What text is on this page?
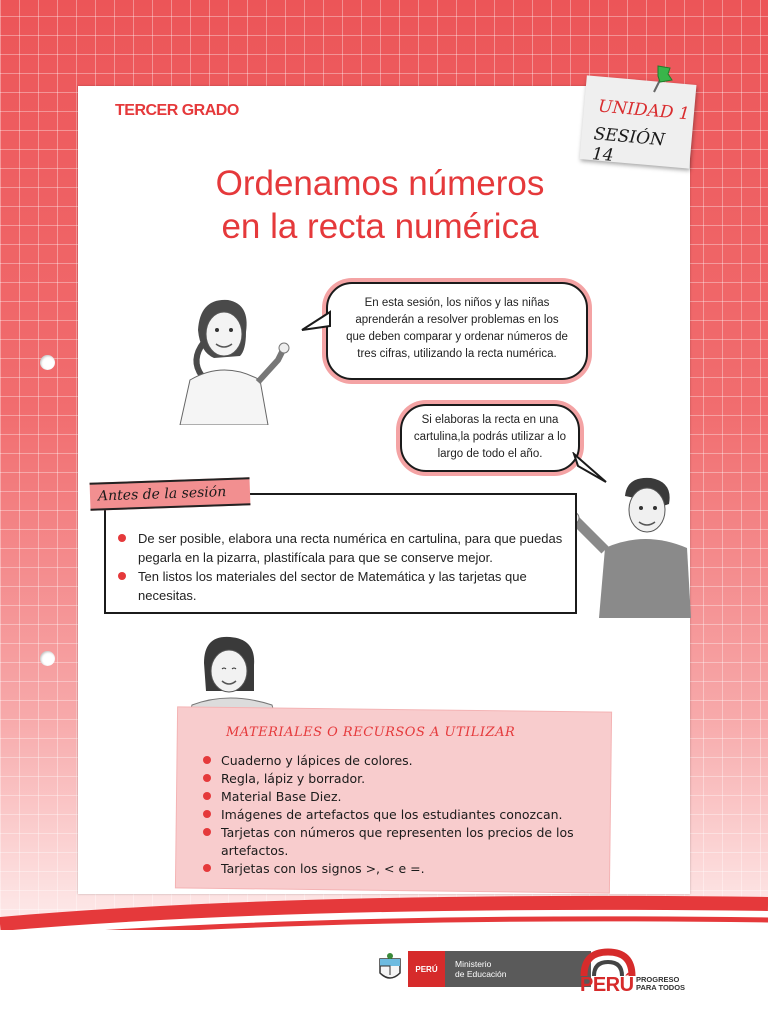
TERCER GRADO	UNIDAD 1
SESIÓN 14
Ordenamos números
en la recta numérica
En esta sesión, los niños y las niñas aprenderán a resolver problemas en los que deben comparar y ordenar números de tres cifras, utilizando la recta numérica.
Si elaboras la recta en una cartulina,la podrás utilizar a lo largo de todo el año.
Antes de la sesión
De ser posible, elabora una recta numérica en cartulina, para que puedas pegarla en la pizarra, plastifícala para que se conserve mejor.
Ten listos los materiales del sector de Matemática y las tarjetas que necesitas.
MATERIALES O RECURSOS A UTILIZAR
Cuaderno y lápices de colores.
Regla, lápiz y borrador.
Material Base Diez.
Imágenes de artefactos que los estudiantes conozcan.
Tarjetas con números que representen los precios de los artefactos.
Tarjetas con los signos >, < e =.
PERÚ	Ministerio
de Educación	PERÚ PROGRESO
PARA TODOS
